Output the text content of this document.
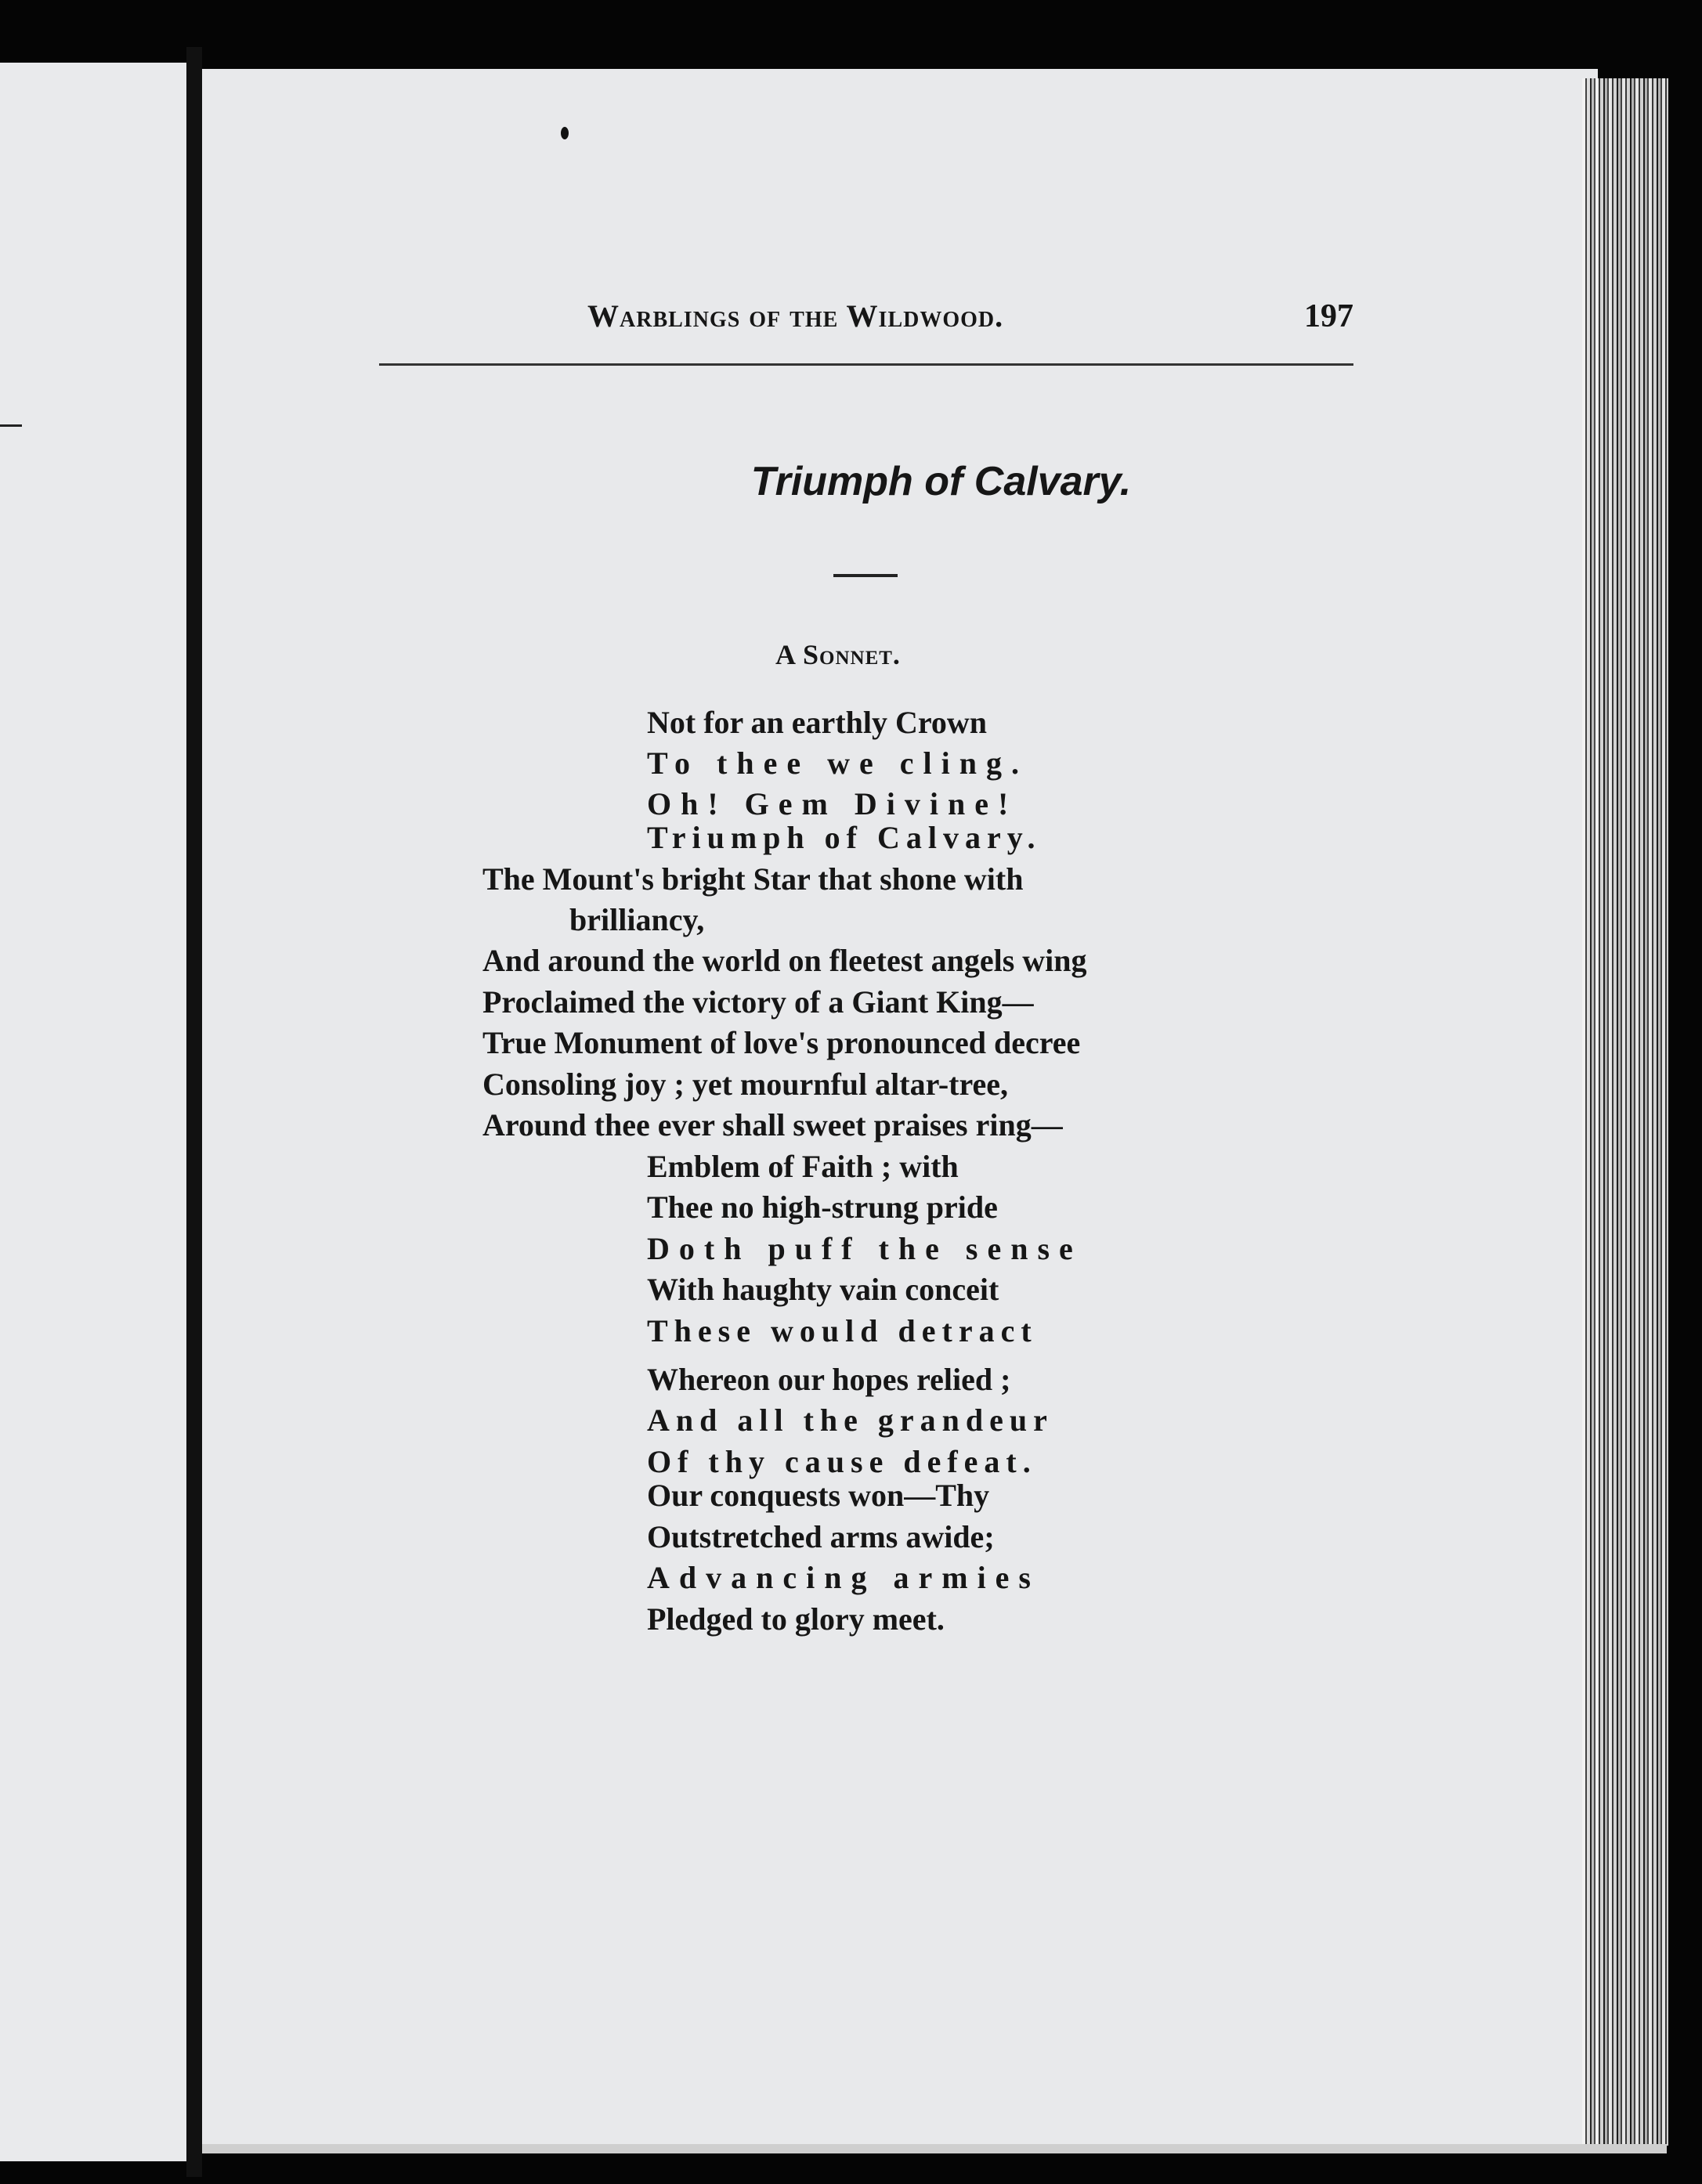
Warblings of the Wildwood.	197
Triumph of Calvary.
A Sonnet.
Not for an earthly Crown
To thee we cling.
Oh! Gem Divine!
Triumph of Calvary.
The Mount's bright Star that shone with
brilliancy,
And around the world on fleetest angels wing
Proclaimed the victory of a Giant King—
True Monument of love's pronounced decree
Consoling joy ; yet mournful altar-tree,
Around thee ever shall sweet praises ring—
Emblem of Faith ; with
Thee no high-strung pride
Doth puff the sense
With haughty vain conceit
These would detract
Whereon our hopes relied ;
And all the grandeur
Of thy cause defeat.
Our conquests won—Thy
Outstretched arms awide;
Advancing armies
Pledged to glory meet.
